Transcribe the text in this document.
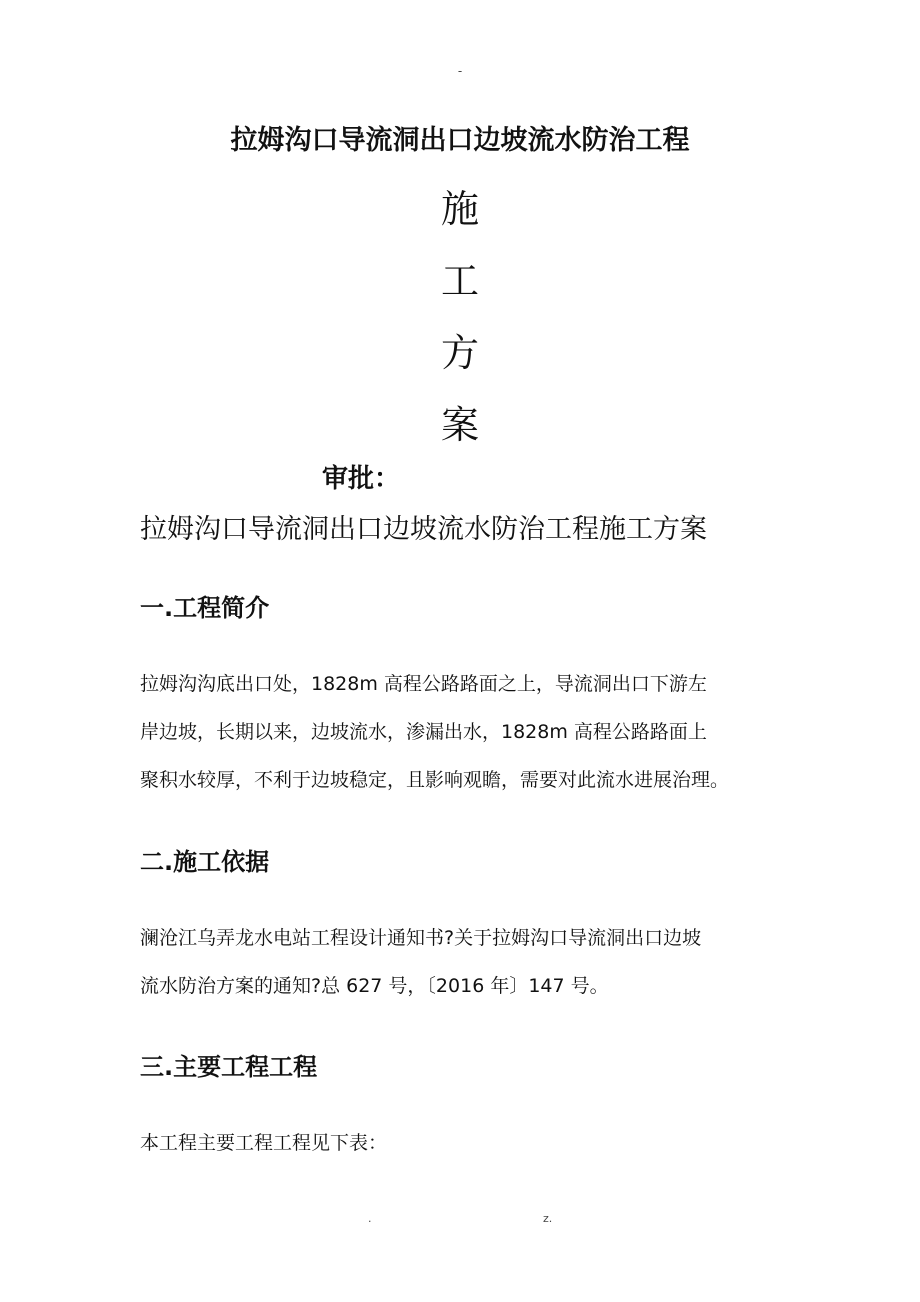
-
拉姆沟口导流洞出口边坡流水防治工程
施
工
方
案
审批：
拉姆沟口导流洞出口边坡流水防治工程施工方案
一.工程简介

拉姆沟沟底出口处，1828m 高程公路路面之上，导流洞出口下游左

岸边坡，长期以来，边坡流水，渗漏出水，1828m 高程公路路面上

聚积水较厚，不利于边坡稳定，且影响观瞻，需要对此流水进展治理。

二.施工依据

澜沧江乌弄龙水电站工程设计通知书?关于拉姆沟口导流洞出口边坡

流水防治方案的通知?总 627 号，〔2016 年〕147 号。

三.主要工程工程

本工程主要工程工程见下表：

.	z.
